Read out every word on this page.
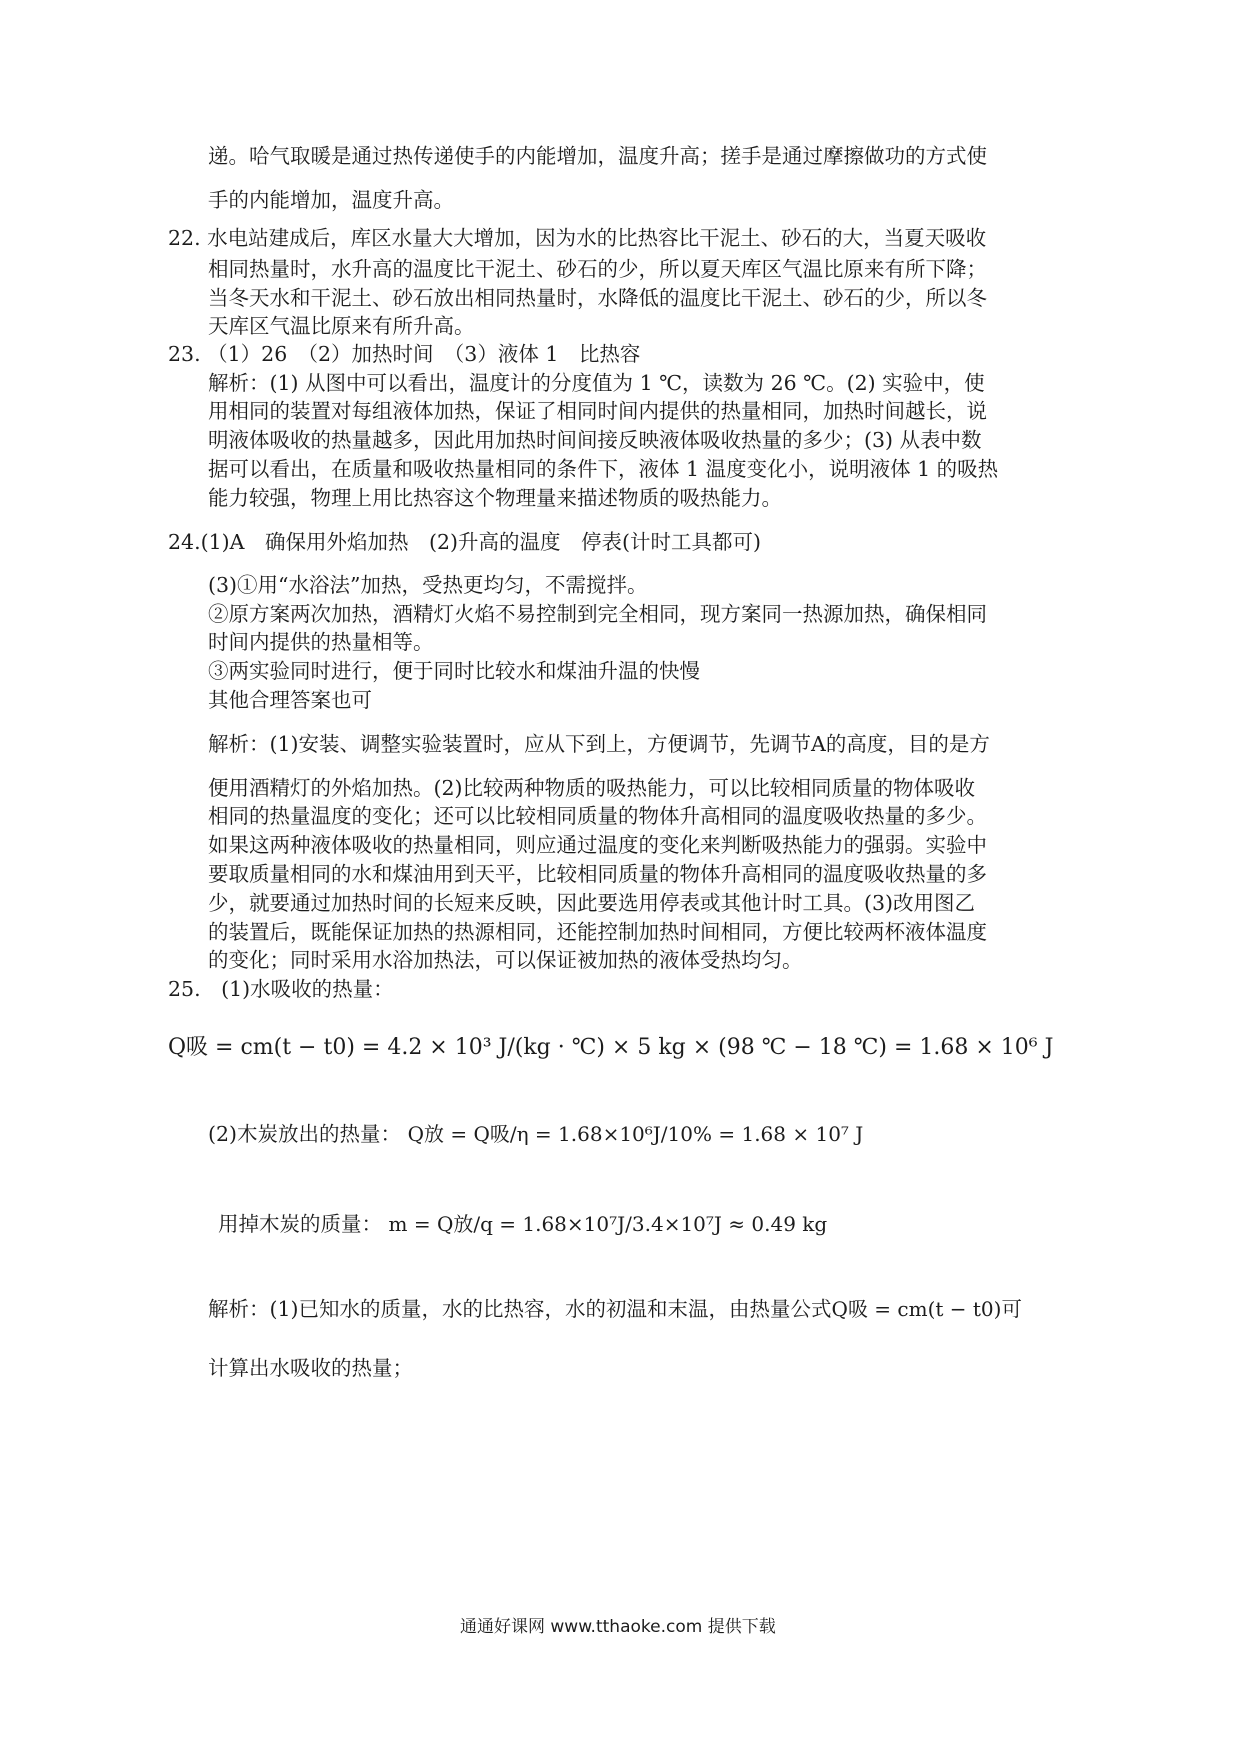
递。哈气取暖是通过热传递使手的内能增加，温度升高；搓手是通过摩擦做功的方式使
手的内能增加，温度升高。
22. 水电站建成后，库区水量大大增加，因为水的比热容比干泥土、砂石的大，当夏天吸收
相同热量时，水升高的温度比干泥土、砂石的少，所以夏天库区气温比原来有所下降；
当冬天水和干泥土、砂石放出相同热量时，水降低的温度比干泥土、砂石的少，所以冬
天库区气温比原来有所升高。
23. （1）26　（2）加热时间　（3）液体 1　比热容
解析：(1) 从图中可以看出，温度计的分度值为 1 ℃，读数为 26 ℃。(2) 实验中，使
用相同的装置对每组液体加热，保证了相同时间内提供的热量相同，加热时间越长，说
明液体吸收的热量越多，因此用加热时间间接反映液体吸收热量的多少；(3) 从表中数
据可以看出，在质量和吸收热量相同的条件下，液体 1 温度变化小，说明液体 1 的吸热
能力较强，物理上用比热容这个物理量来描述物质的吸热能力。
24.(1)A　确保用外焰加热　(2)升高的温度　停表(计时工具都可)
(3)①用“水浴法”加热，受热更均匀，不需搅拌。
②原方案两次加热，酒精灯火焰不易控制到完全相同，现方案同一热源加热，确保相同
时间内提供的热量相等。
③两实验同时进行，便于同时比较水和煤油升温的快慢
其他合理答案也可
解析：(1)安装、调整实验装置时，应从下到上，方便调节，先调节A的高度，目的是方
便用酒精灯的外焰加热。(2)比较两种物质的吸热能力，可以比较相同质量的物体吸收
相同的热量温度的变化；还可以比较相同质量的物体升高相同的温度吸收热量的多少。
如果这两种液体吸收的热量相同，则应通过温度的变化来判断吸热能力的强弱。实验中
要取质量相同的水和煤油用到天平，比较相同质量的物体升高相同的温度吸收热量的多
少，就要通过加热时间的长短来反映，因此要选用停表或其他计时工具。(3)改用图乙
的装置后，既能保证加热的热源相同，还能控制加热时间相同，方便比较两杯液体温度
的变化；同时采用水浴加热法，可以保证被加热的液体受热均匀。
25.　(1)水吸收的热量：
Q吸 = cm(t − t0) = 4.2 × 10³ J/(kg · ℃) × 5 kg × (98 ℃ − 18 ℃) = 1.68 × 10⁶ J
(2)木炭放出的热量： Q放 = Q吸/η = 1.68×10⁶J/10% = 1.68 × 10⁷ J
用掉木炭的质量： m = Q放/q = 1.68×10⁷J/3.4×10⁷J ≈ 0.49 kg
解析：(1)已知水的质量，水的比热容，水的初温和末温，由热量公式Q吸 = cm(t − t0)可
计算出水吸收的热量；
通通好课网 www.tthaoke.com 提供下载
